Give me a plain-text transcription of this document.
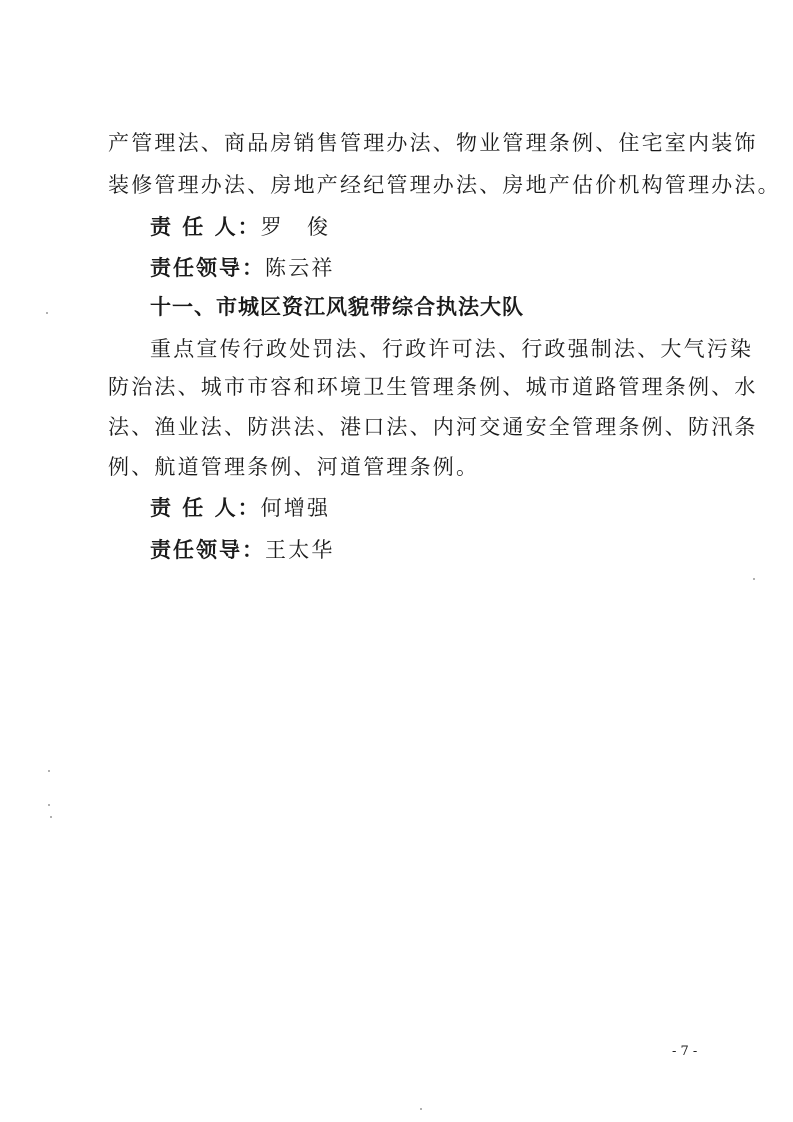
产管理法、商品房销售管理办法、物业管理条例、住宅室内装饰
装修管理办法、房地产经纪管理办法、房地产估价机构管理办法。
责 任 人：罗　俊
责任领导：陈云祥
十一、市城区资江风貌带综合执法大队
重点宣传行政处罚法、行政许可法、行政强制法、大气污染
防治法、城市市容和环境卫生管理条例、城市道路管理条例、水
法、渔业法、防洪法、港口法、内河交通安全管理条例、防汛条
例、航道管理条例、河道管理条例。
责 任 人：何增强
责任领导：王太华
- 7 -
